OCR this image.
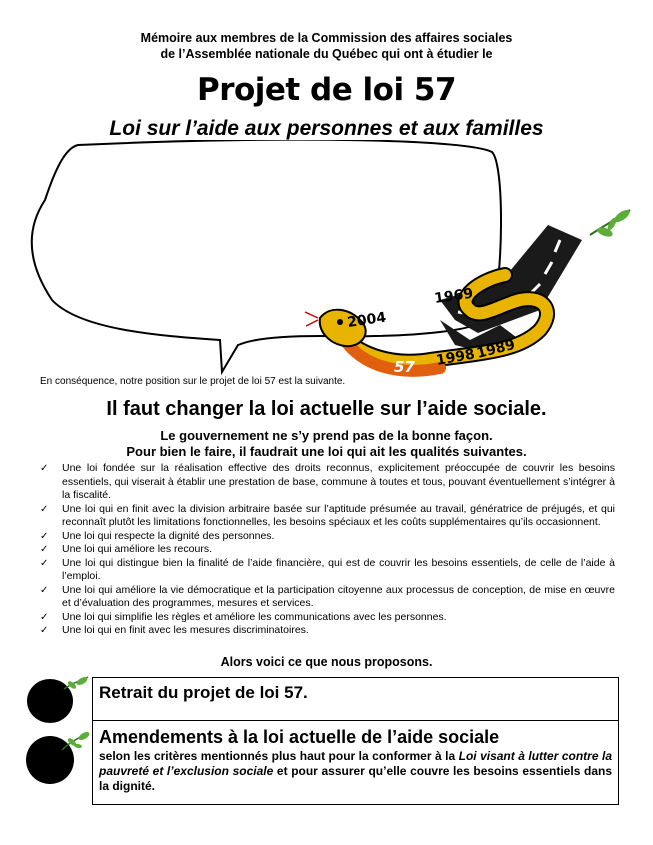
Mémoire aux membres de la Commission des affaires sociales
de l’Assemblée nationale du Québec qui ont à étudier le
Projet de loi 57
Loi sur l’aide aux personnes et aux familles
1969
2004
1998 1989
57
En conséquence, notre position sur le projet de loi 57 est la suivante.
Il faut changer la loi actuelle sur l’aide sociale.
Le gouvernement ne s’y prend pas de la bonne façon.
Pour bien le faire, il faudrait une loi qui ait les qualités suivantes.
✓ Une loi fondée sur la réalisation effective des droits reconnus, explicitement préoccupée de couvrir les besoins essentiels, qui viserait à établir une prestation de base, commune à toutes et tous, pouvant éventuellement s’intégrer à la fiscalité.
✓ Une loi qui en finit avec la division arbitraire basée sur l’aptitude présumée au travail, génératrice de préjugés, et qui reconnaît plutôt les limitations fonctionnelles, les besoins spéciaux et les coûts supplémentaires qu’ils occasionnent.
✓ Une loi qui respecte la dignité des personnes.
✓ Une loi qui améliore les recours.
✓ Une loi qui distingue bien la finalité de l’aide financière, qui est de couvrir les besoins essentiels, de celle de l’aide à l’emploi.
✓ Une loi qui améliore la vie démocratique et la participation citoyenne aux processus de conception, de mise en œuvre et d’évaluation des programmes, mesures et services.
✓ Une loi qui simplifie les règles et améliore les communications avec les personnes.
✓ Une loi qui en finit avec les mesures discriminatoires.
Alors voici ce que nous proposons.
1	Retrait du projet de loi 57.
2	Amendements à la loi actuelle de l’aide sociale
selon les critères mentionnés plus haut pour la conformer à la Loi visant à lutter contre la pauvreté et l’exclusion sociale et pour assurer qu’elle couvre les besoins essentiels dans la dignité.
